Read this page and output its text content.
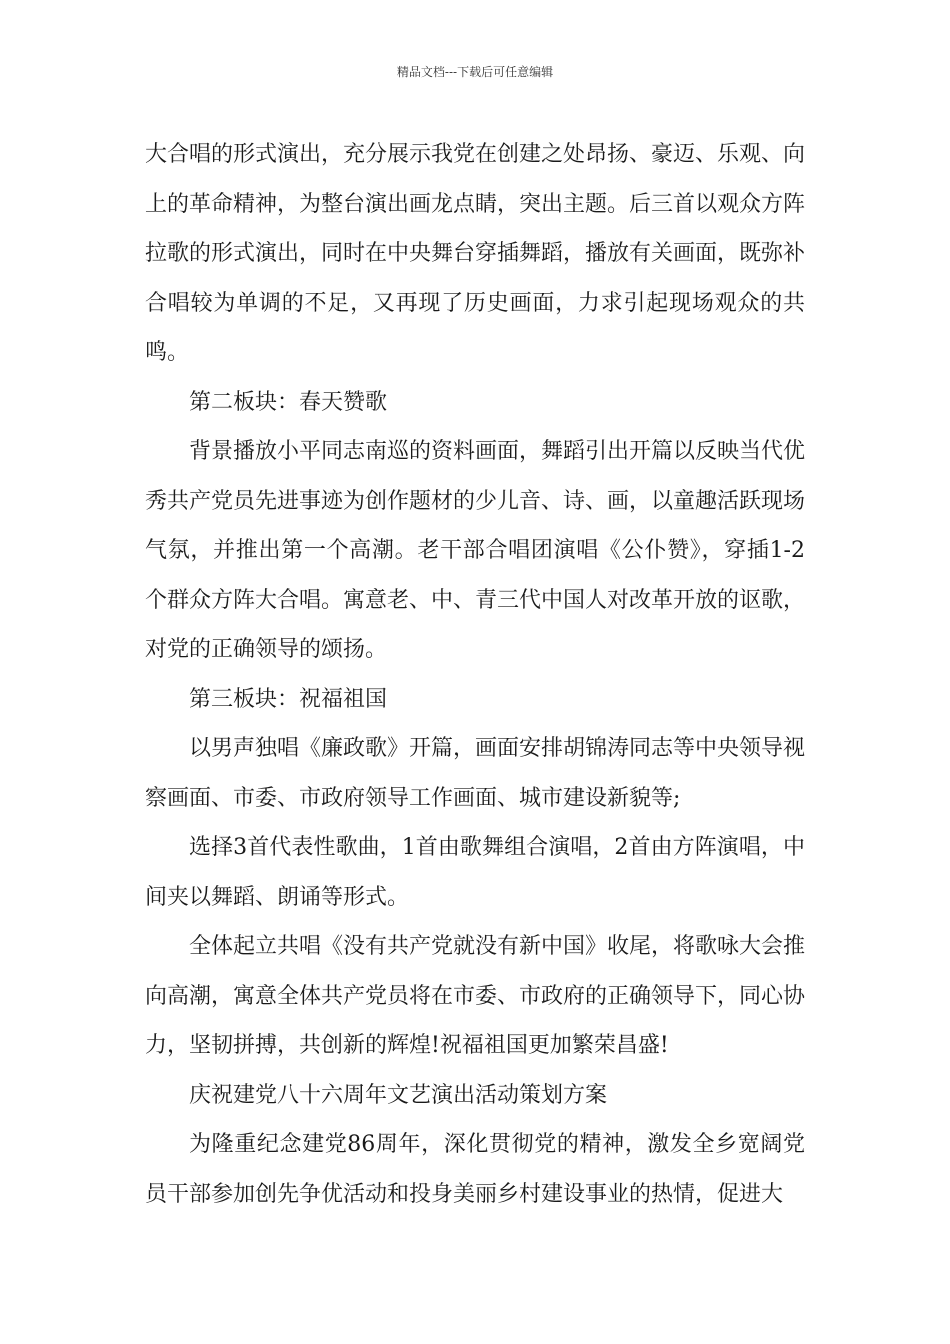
精品文档---下载后可任意编辑

大合唱的形式演出，充分展示我党在创建之处昂扬、豪迈、乐观、向上的革命精神，为整台演出画龙点睛，突出主题。后三首以观众方阵拉歌的形式演出，同时在中央舞台穿插舞蹈，播放有关画面，既弥补合唱较为单调的不足，又再现了历史画面，力求引起现场观众的共鸣。

第二板块：春天赞歌

背景播放小平同志南巡的资料画面，舞蹈引出开篇以反映当代优秀共产党员先进事迹为创作题材的少儿音、诗、画，以童趣活跃现场气氛，并推出第一个高潮。老干部合唱团演唱《公仆赞》，穿插1-2个群众方阵大合唱。寓意老、中、青三代中国人对改革开放的讴歌，对党的正确领导的颂扬。

第三板块：祝福祖国

以男声独唱《廉政歌》开篇，画面安排胡锦涛同志等中央领导视察画面、市委、市政府领导工作画面、城市建设新貌等;

选择3首代表性歌曲，1首由歌舞组合演唱，2首由方阵演唱，中间夹以舞蹈、朗诵等形式。

全体起立共唱《没有共产党就没有新中国》收尾，将歌咏大会推向高潮，寓意全体共产党员将在市委、市政府的正确领导下，同心协力，坚韧拼搏，共创新的辉煌!祝福祖国更加繁荣昌盛!

庆祝建党八十六周年文艺演出活动策划方案

为隆重纪念建党86周年，深化贯彻党的精神，激发全乡宽阔党员干部参加创先争优活动和投身美丽乡村建设事业的热情，促进大
